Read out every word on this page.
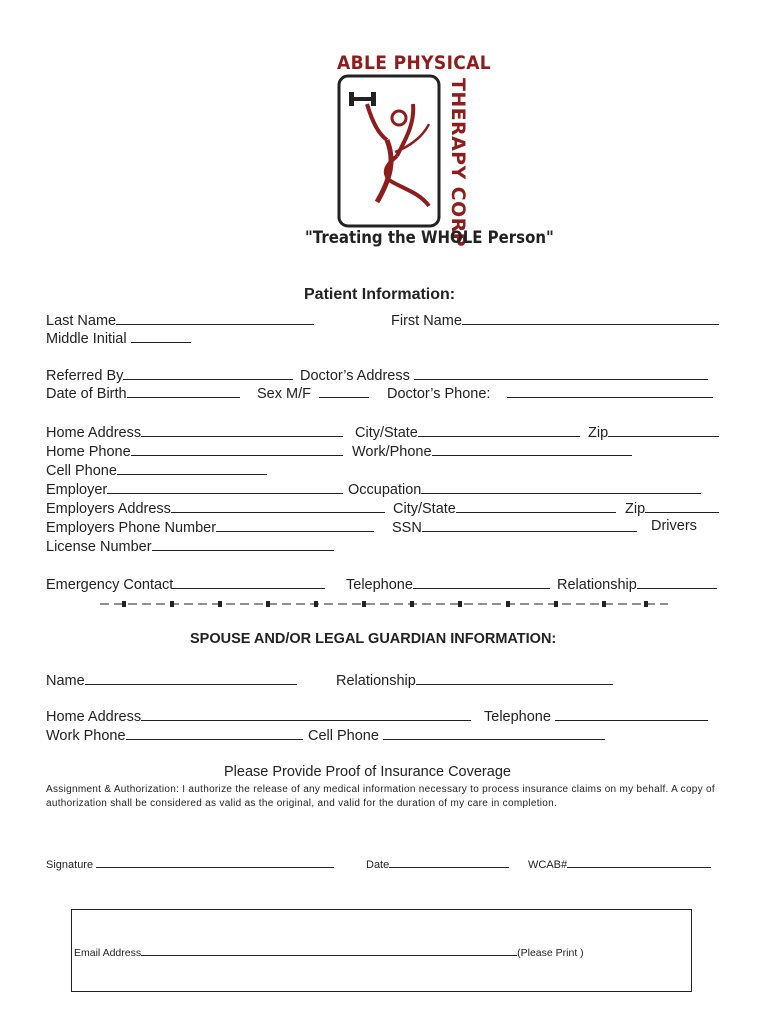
ABLE PHYSICAL
THERAPY CORP
"Treating the WHOLE Person"
Patient Information:
Last Name	First Name
Middle Initial
Referred By	Doctor’s Address
Date of Birth	Sex M/F	Doctor’s Phone:
Home Address	City/State	Zip
Home Phone	Work/Phone
Cell Phone
Employer	Occupation
Employers Address	City/State	Zip
Employers Phone Number	SSN	Drivers
License Number
Emergency Contact	Telephone	Relationship
SPOUSE AND/OR LEGAL GUARDIAN INFORMATION:
Name	Relationship
Home Address	Telephone
Work Phone	Cell Phone
Please Provide Proof of Insurance Coverage
Assignment & Authorization: I authorize the release of any medical information necessary to process insurance claims on my behalf. A copy of authorization shall be considered as valid as the original, and valid for the duration of my care in completion.
Signature	Date	WCAB#
Email Address	(Please Print )
